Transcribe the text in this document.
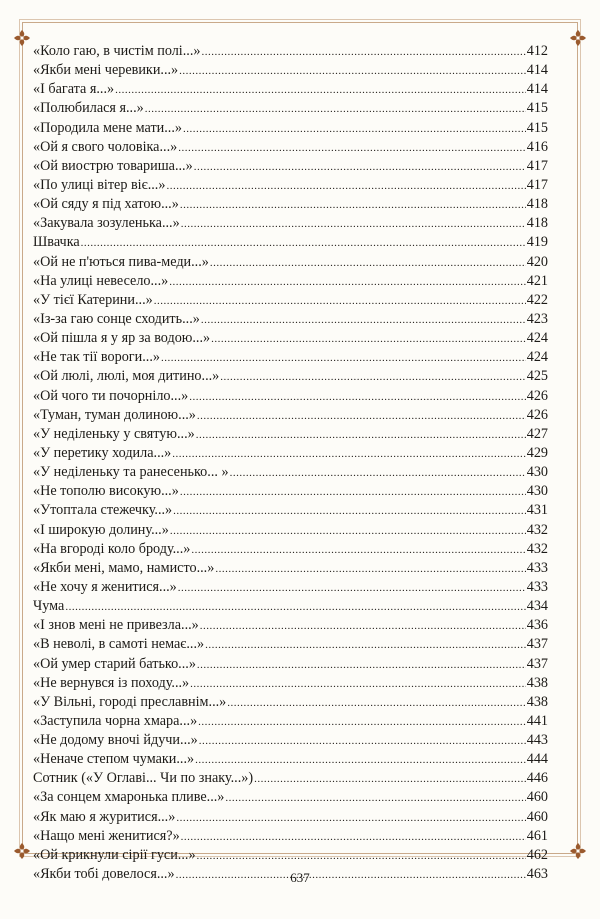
«Коло гаю, в чистім полі...» .....	412
«Якби мені черевики...» .....	414
«І багата я...» .....	414
«Полюбилася я...» .....	415
«Породила мене мати...» .....	415
«Ой я свого чоловіка...» .....	416
«Ой виострю товариша...» .....	417
«По улиці вітер віє...» .....	417
«Ой сяду я під хатою...» .....	418
«Закувала зозуленька...» .....	418
Швачка .....	419
«Ой не п'ються пива-меди...» .....	420
«На улиці невесело...» .....	421
«У тієї Катерини...» .....	422
«Із-за гаю сонце сходить...» .....	423
«Ой пішла я у яр за водою...» .....	424
«Не так тії вороги...» .....	424
«Ой люлі, люлі, моя дитино...» .....	425
«Ой чого ти почорніло...» .....	426
«Туман, туман долиною...» .....	426
«У неділеньку у святую...» .....	427
«У перетику ходила...» .....	429
«У неділеньку та ранесенько... » .....	430
«Не тополю високую...» .....	430
«Утоптала стежечку...» .....	431
«І широкую долину...» .....	432
«На вгороді коло броду...» .....	432
«Якби мені, мамо, намисто...» .....	433
«Не хочу я женитися...» .....	433
Чума .....	434
«І знов мені не привезла...» .....	436
«В неволі, в самоті немає...» .....	437
«Ой умер старий батько...» .....	437
«Не вернувся із походу...» .....	438
«У Вільні, городі преславнім...» .....	438
«Заступила чорна хмара...» .....	441
«Не додому вночі йдучи...» .....	443
«Неначе степом чумаки...» .....	444
Сотник («У Оглаві... Чи по знаку...») .....	446
«За сонцем хмаронька пливе...» .....	460
«Як маю я журитися...» .....	460
«Нащо мені женитися?» .....	461
«Ой крикнули сірії гуси...» .....	462
«Якби тобі довелося...» .....	463
637
